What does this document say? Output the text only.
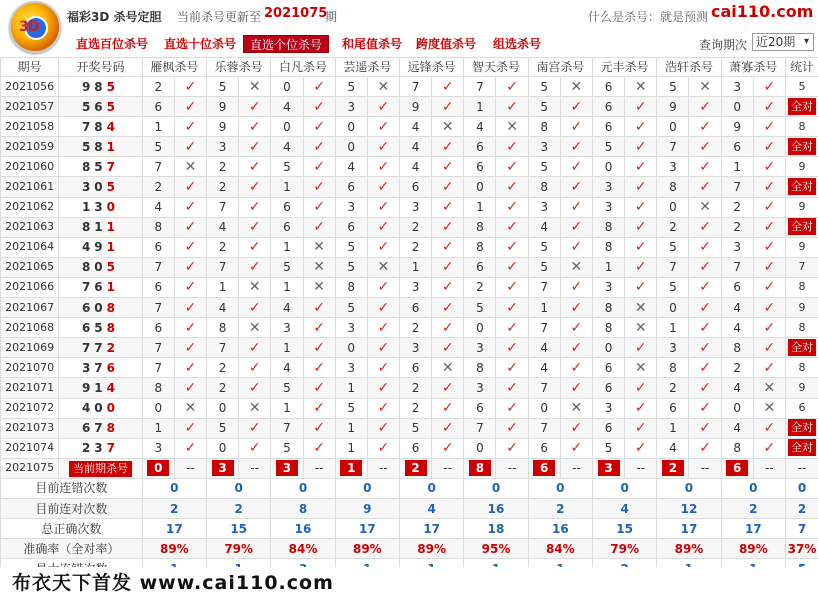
3D
福彩3D 杀号定胆 当前杀号更新至 2021075
期	什么是杀号：就是预测 cai110.com
直选百位杀号 直选十位杀号	直选个位杀号	和尾值杀号 跨度值杀号 组选杀号	查询期次 近20期 ▾
期号	开奖号码	雁枫杀号		乐蓉杀号		白凡杀号		芸遥杀号		远锋杀号		智天杀号		南宫杀号		元丰杀号		浩轩杀号		萧寡杀号		统计
2021056	985	2	✓	5	✕	0	✓	5	✕	7	✓	7	✓	5	✕	6	✕	5	✕	3	✓	5
2021057	565	6	✓	9	✓	4	✓	3	✓	9	✓	1	✓	5	✓	6	✓	9	✓	0	✓	全对
2021058	784	1	✓	9	✓	0	✓	0	✓	4	✕	4	✕	8	✓	6	✓	0	✓	9	✓	8
2021059	581	5	✓	3	✓	4	✓	0	✓	4	✓	6	✓	3	✓	5	✓	7	✓	6	✓	全对
2021060	857	7	✕	2	✓	5	✓	4	✓	4	✓	6	✓	5	✓	0	✓	3	✓	1	✓	9
2021061	305	2	✓	2	✓	1	✓	6	✓	6	✓	0	✓	8	✓	3	✓	8	✓	7	✓	全对
2021062	130	4	✓	7	✓	6	✓	3	✓	3	✓	1	✓	3	✓	3	✓	0	✕	2	✓	9
2021063	811	8	✓	4	✓	6	✓	6	✓	2	✓	8	✓	4	✓	8	✓	2	✓	2	✓	全对
2021064	491	6	✓	2	✓	1	✕	5	✓	2	✓	8	✓	5	✓	8	✓	5	✓	3	✓	9
2021065	805	7	✓	7	✓	5	✕	5	✕	1	✓	6	✓	5	✕	1	✓	7	✓	7	✓	7
2021066	761	6	✓	1	✕	1	✕	8	✓	3	✓	2	✓	7	✓	3	✓	5	✓	6	✓	8
2021067	608	7	✓	4	✓	4	✓	5	✓	6	✓	5	✓	1	✓	8	✕	0	✓	4	✓	9
2021068	658	6	✓	8	✕	3	✓	3	✓	2	✓	0	✓	7	✓	8	✕	1	✓	4	✓	8
2021069	772	7	✓	7	✓	1	✓	0	✓	3	✓	3	✓	4	✓	0	✓	3	✓	8	✓	全对
2021070	376	7	✓	2	✓	4	✓	3	✓	6	✕	8	✓	4	✓	6	✕	8	✓	2	✓	8
2021071	914	8	✓	2	✓	5	✓	1	✓	2	✓	3	✓	7	✓	6	✓	2	✓	4	✕	9
2021072	400	0	✕	0	✕	1	✓	5	✓	2	✓	6	✓	0	✕	3	✓	6	✓	0	✕	6
2021073	678	1	✓	5	✓	7	✓	1	✓	5	✓	7	✓	7	✓	6	✓	1	✓	4	✓	全对
2021074	237	3	✓	0	✓	5	✓	1	✓	6	✓	0	✓	6	✓	5	✓	4	✓	8	✓	全对
2021075	当前期杀号	0	--	3	--	3	--	1	--	2	--	8	--	6	--	3	--	2	--	6	--	--
目前连错次数		0		0		0		0		0		0		0		0		0		0		0
目前连对次数		2		2		8		9		4		16		2		4		12		2		2
总正确次数		17		15		16		17		17		18		16		15		17		17		7
准确率（全对率）		89%		79%		84%		89%		89%		95%		84%		79%		89%		89%		37%

布衣天下首发 www.cai110.com
